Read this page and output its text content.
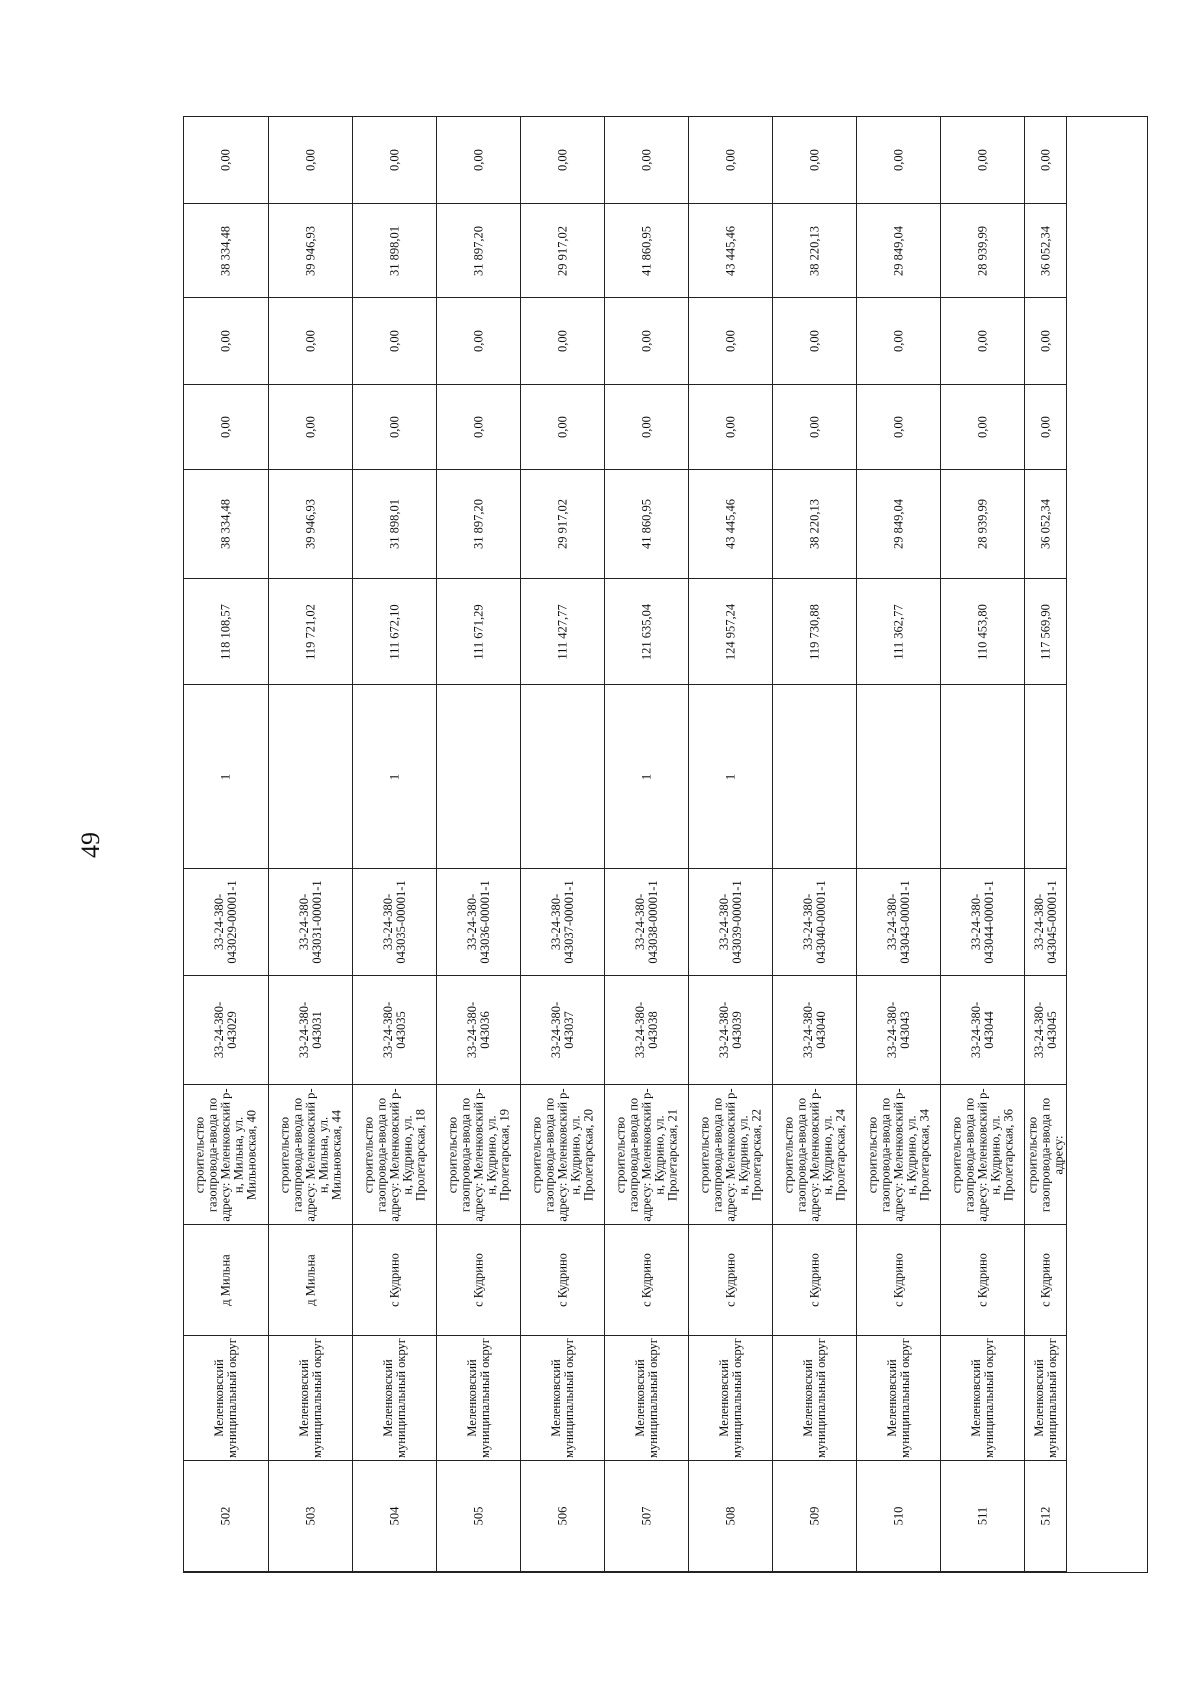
49
502
Меленковский муниципальный округ
д Мильна
строительство газопровода-ввода по адресу: Меленковский р-н, Мильна, ул. Мильновская, 40
33-24-380-
043029
33-24-380-
043029-00001-1
1
118 108,57
38 334,48
0,00
0,00
38 334,48
0,00
503
Меленковский муниципальный округ
д Мильна
строительство газопровода-ввода по адресу: Меленковский р-н, Мильна, ул. Мильновская, 44
33-24-380-
043031
33-24-380-
043031-00001-1
119 721,02
39 946,93
0,00
0,00
39 946,93
0,00
504
Меленковский муниципальный округ
с Кудрино
строительство газопровода-ввода по адресу: Меленковский р-н, Кудрино, ул. Пролетарская, 18
33-24-380-
043035
33-24-380-
043035-00001-1
1
111 672,10
31 898,01
0,00
0,00
31 898,01
0,00
505
Меленковский муниципальный округ
с Кудрино
строительство газопровода-ввода по адресу: Меленковский р-н, Кудрино, ул. Пролетарская, 19
33-24-380-
043036
33-24-380-
043036-00001-1
111 671,29
31 897,20
0,00
0,00
31 897,20
0,00
506
Меленковский муниципальный округ
с Кудрино
строительство газопровода-ввода по адресу: Меленковский р-н, Кудрино, ул. Пролетарская, 20
33-24-380-
043037
33-24-380-
043037-00001-1
111 427,77
29 917,02
0,00
0,00
29 917,02
0,00
507
Меленковский муниципальный округ
с Кудрино
строительство газопровода-ввода по адресу: Меленковский р-н, Кудрино, ул. Пролетарская, 21
33-24-380-
043038
33-24-380-
043038-00001-1
1
121 635,04
41 860,95
0,00
0,00
41 860,95
0,00
508
Меленковский муниципальный округ
с Кудрино
строительство газопровода-ввода по адресу: Меленковский р-н, Кудрино, ул. Пролетарская, 22
33-24-380-
043039
33-24-380-
043039-00001-1
1
124 957,24
43 445,46
0,00
0,00
43 445,46
0,00
509
Меленковский муниципальный округ
с Кудрино
строительство газопровода-ввода по адресу: Меленковский р-н, Кудрино, ул. Пролетарская, 24
33-24-380-
043040
33-24-380-
043040-00001-1
119 730,88
38 220,13
0,00
0,00
38 220,13
0,00
510
Меленковский муниципальный округ
с Кудрино
строительство газопровода-ввода по адресу: Меленковский р-н, Кудрино, ул. Пролетарская, 34
33-24-380-
043043
33-24-380-
043043-00001-1
111 362,77
29 849,04
0,00
0,00
29 849,04
0,00
511
Меленковский муниципальный округ
с Кудрино
строительство газопровода-ввода по адресу: Меленковский р-н, Кудрино, ул. Пролетарская, 36
33-24-380-
043044
33-24-380-
043044-00001-1
110 453,80
28 939,99
0,00
0,00
28 939,99
0,00
512
Меленковский муниципальный округ
с Кудрино
строительство газопровода-ввода по адресу:
33-24-380-
043045
33-24-380-
043045-00001-1
117 569,90
36 052,34
0,00
0,00
36 052,34
0,00
